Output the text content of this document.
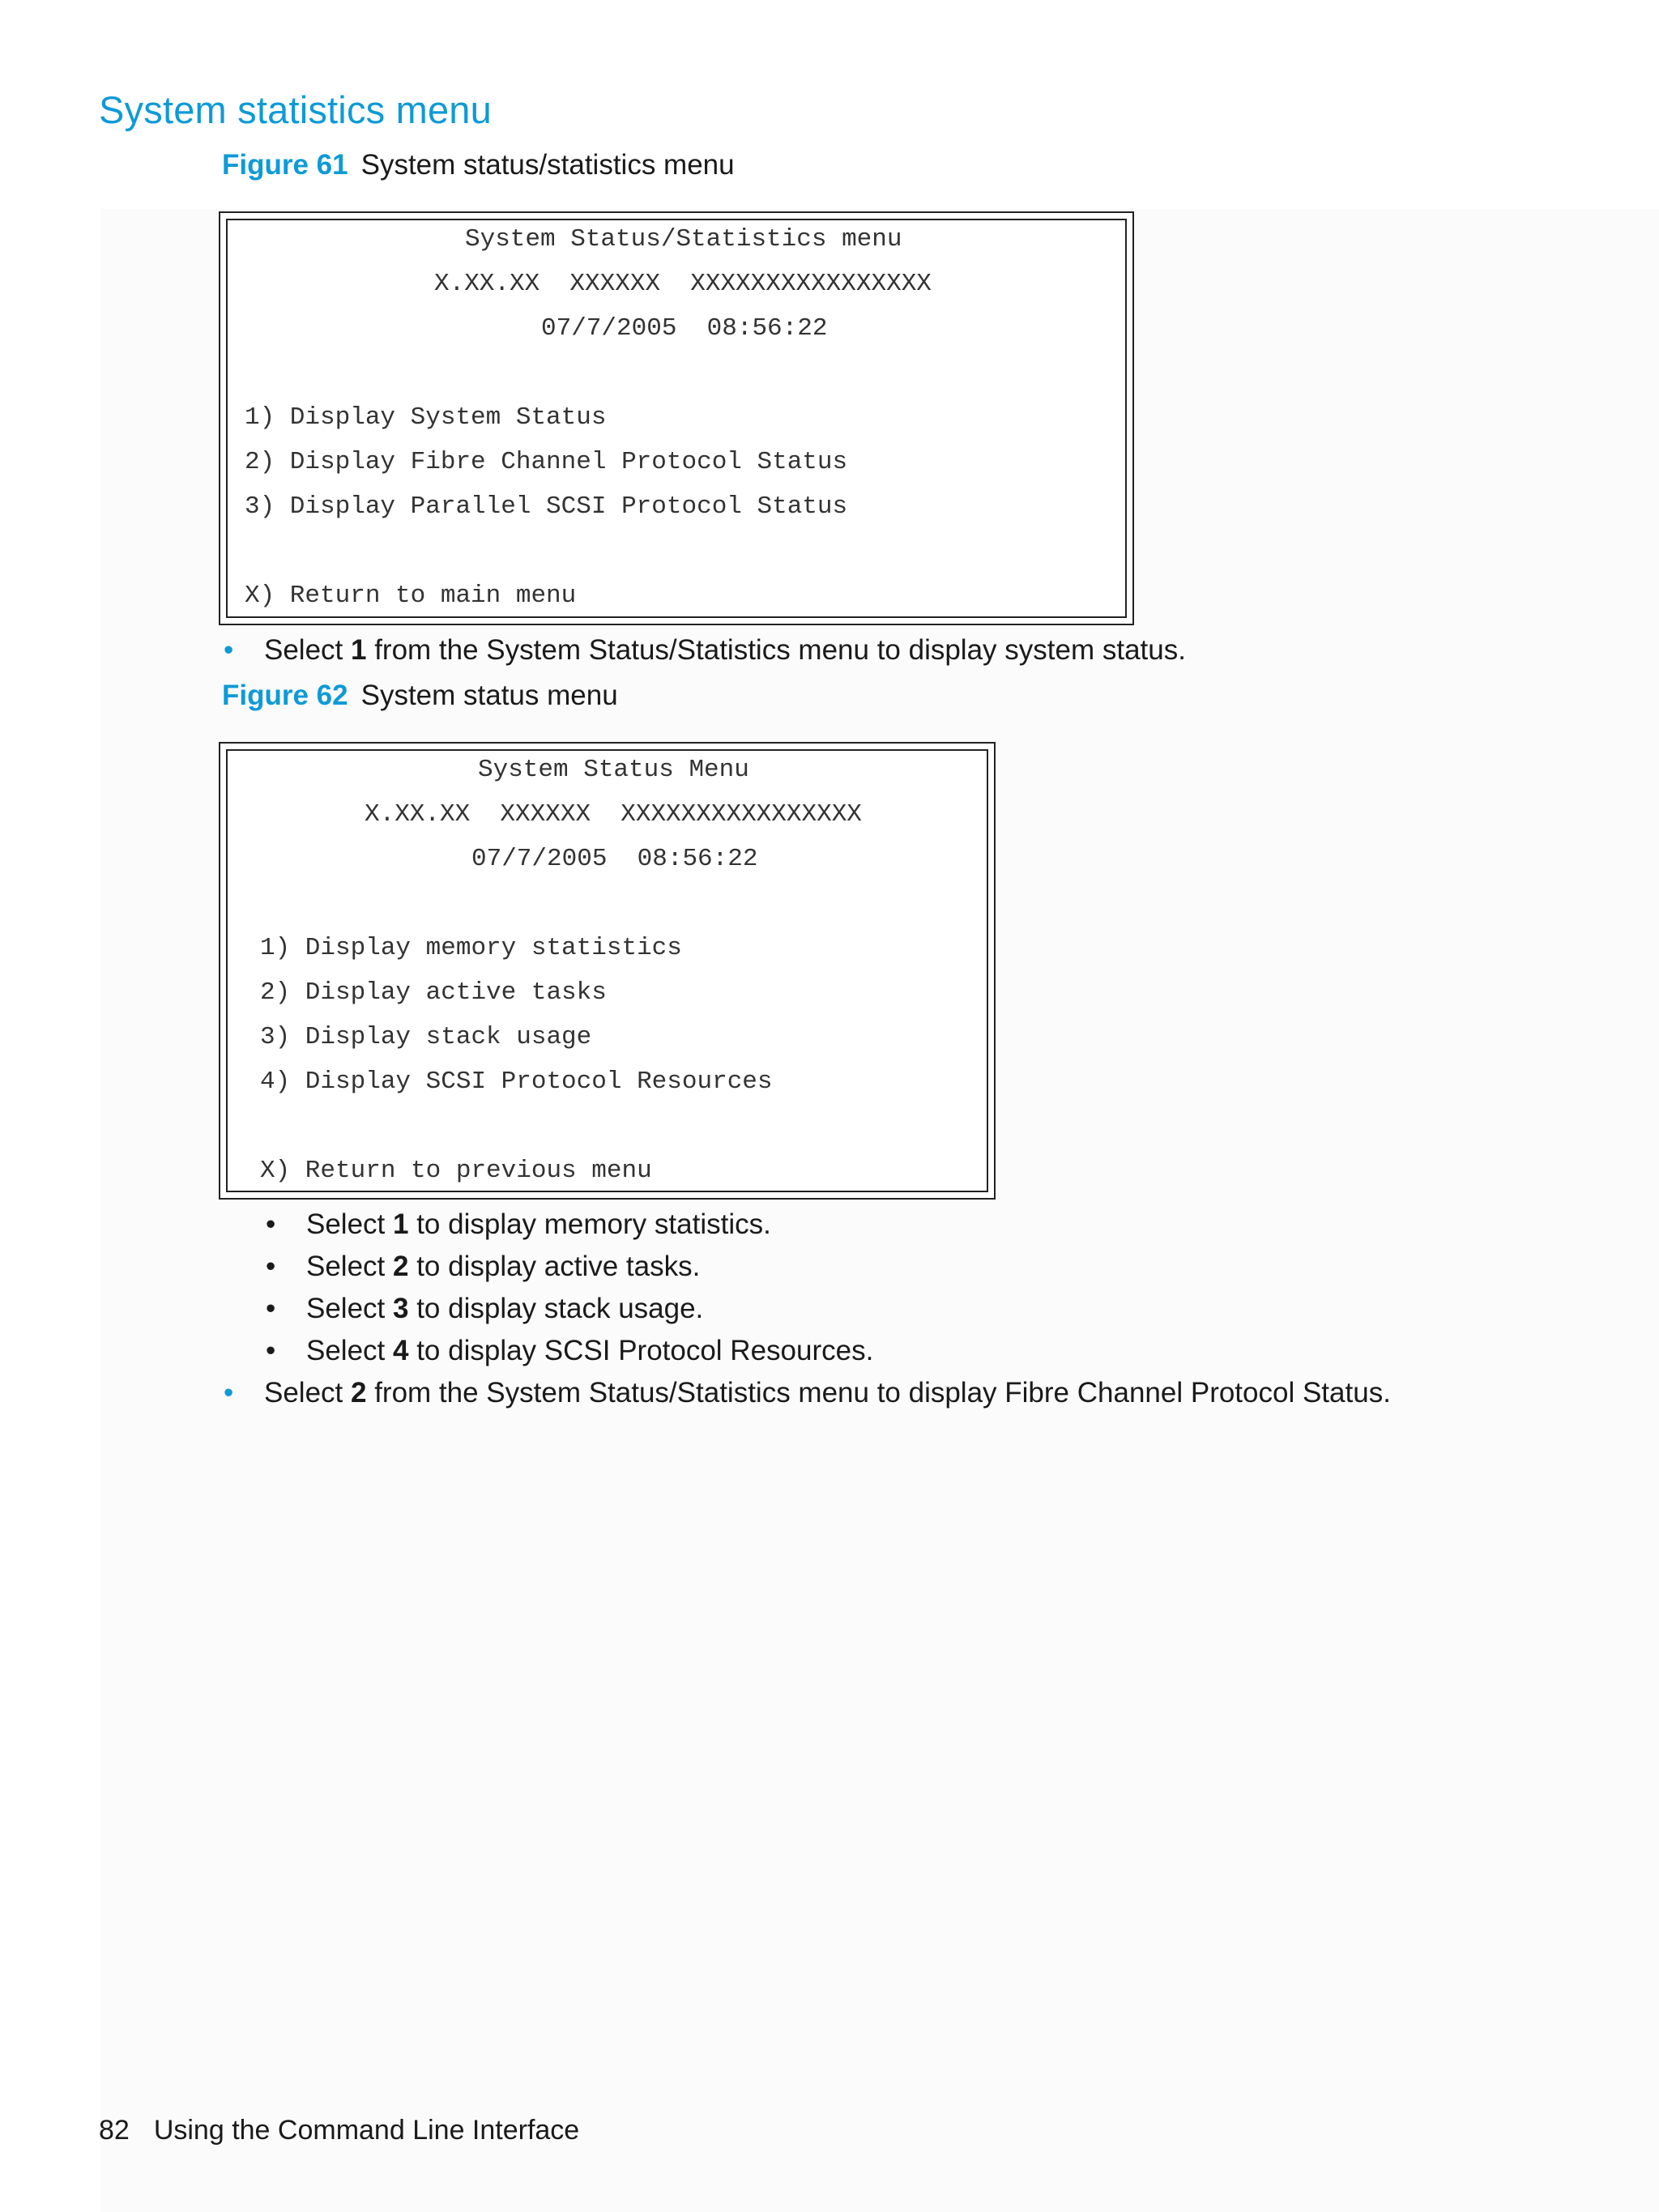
System statistics menu

Figure 61 System status/statistics menu

System Status/Statistics menu
X.XX.XX  XXXXXX  XXXXXXXXXXXXXXXX
07/7/2005  08:56:22
1) Display System Status
2) Display Fibre Channel Protocol Status
3) Display Parallel SCSI Protocol Status
X) Return to main menu
• Select 1 from the System Status/Statistics menu to display system status.

Figure 62 System status menu

System Status Menu
X.XX.XX  XXXXXX  XXXXXXXXXXXXXXXX
07/7/2005  08:56:22
1) Display memory statistics
2) Display active tasks
3) Display stack usage
4) Display SCSI Protocol Resources
X) Return to previous menu
• Select 1 to display memory statistics.
• Select 2 to display active tasks.
• Select 3 to display stack usage.
• Select 4 to display SCSI Protocol Resources.
• Select 2 from the System Status/Statistics menu to display Fibre Channel Protocol Status.
82 Using the Command Line Interface
